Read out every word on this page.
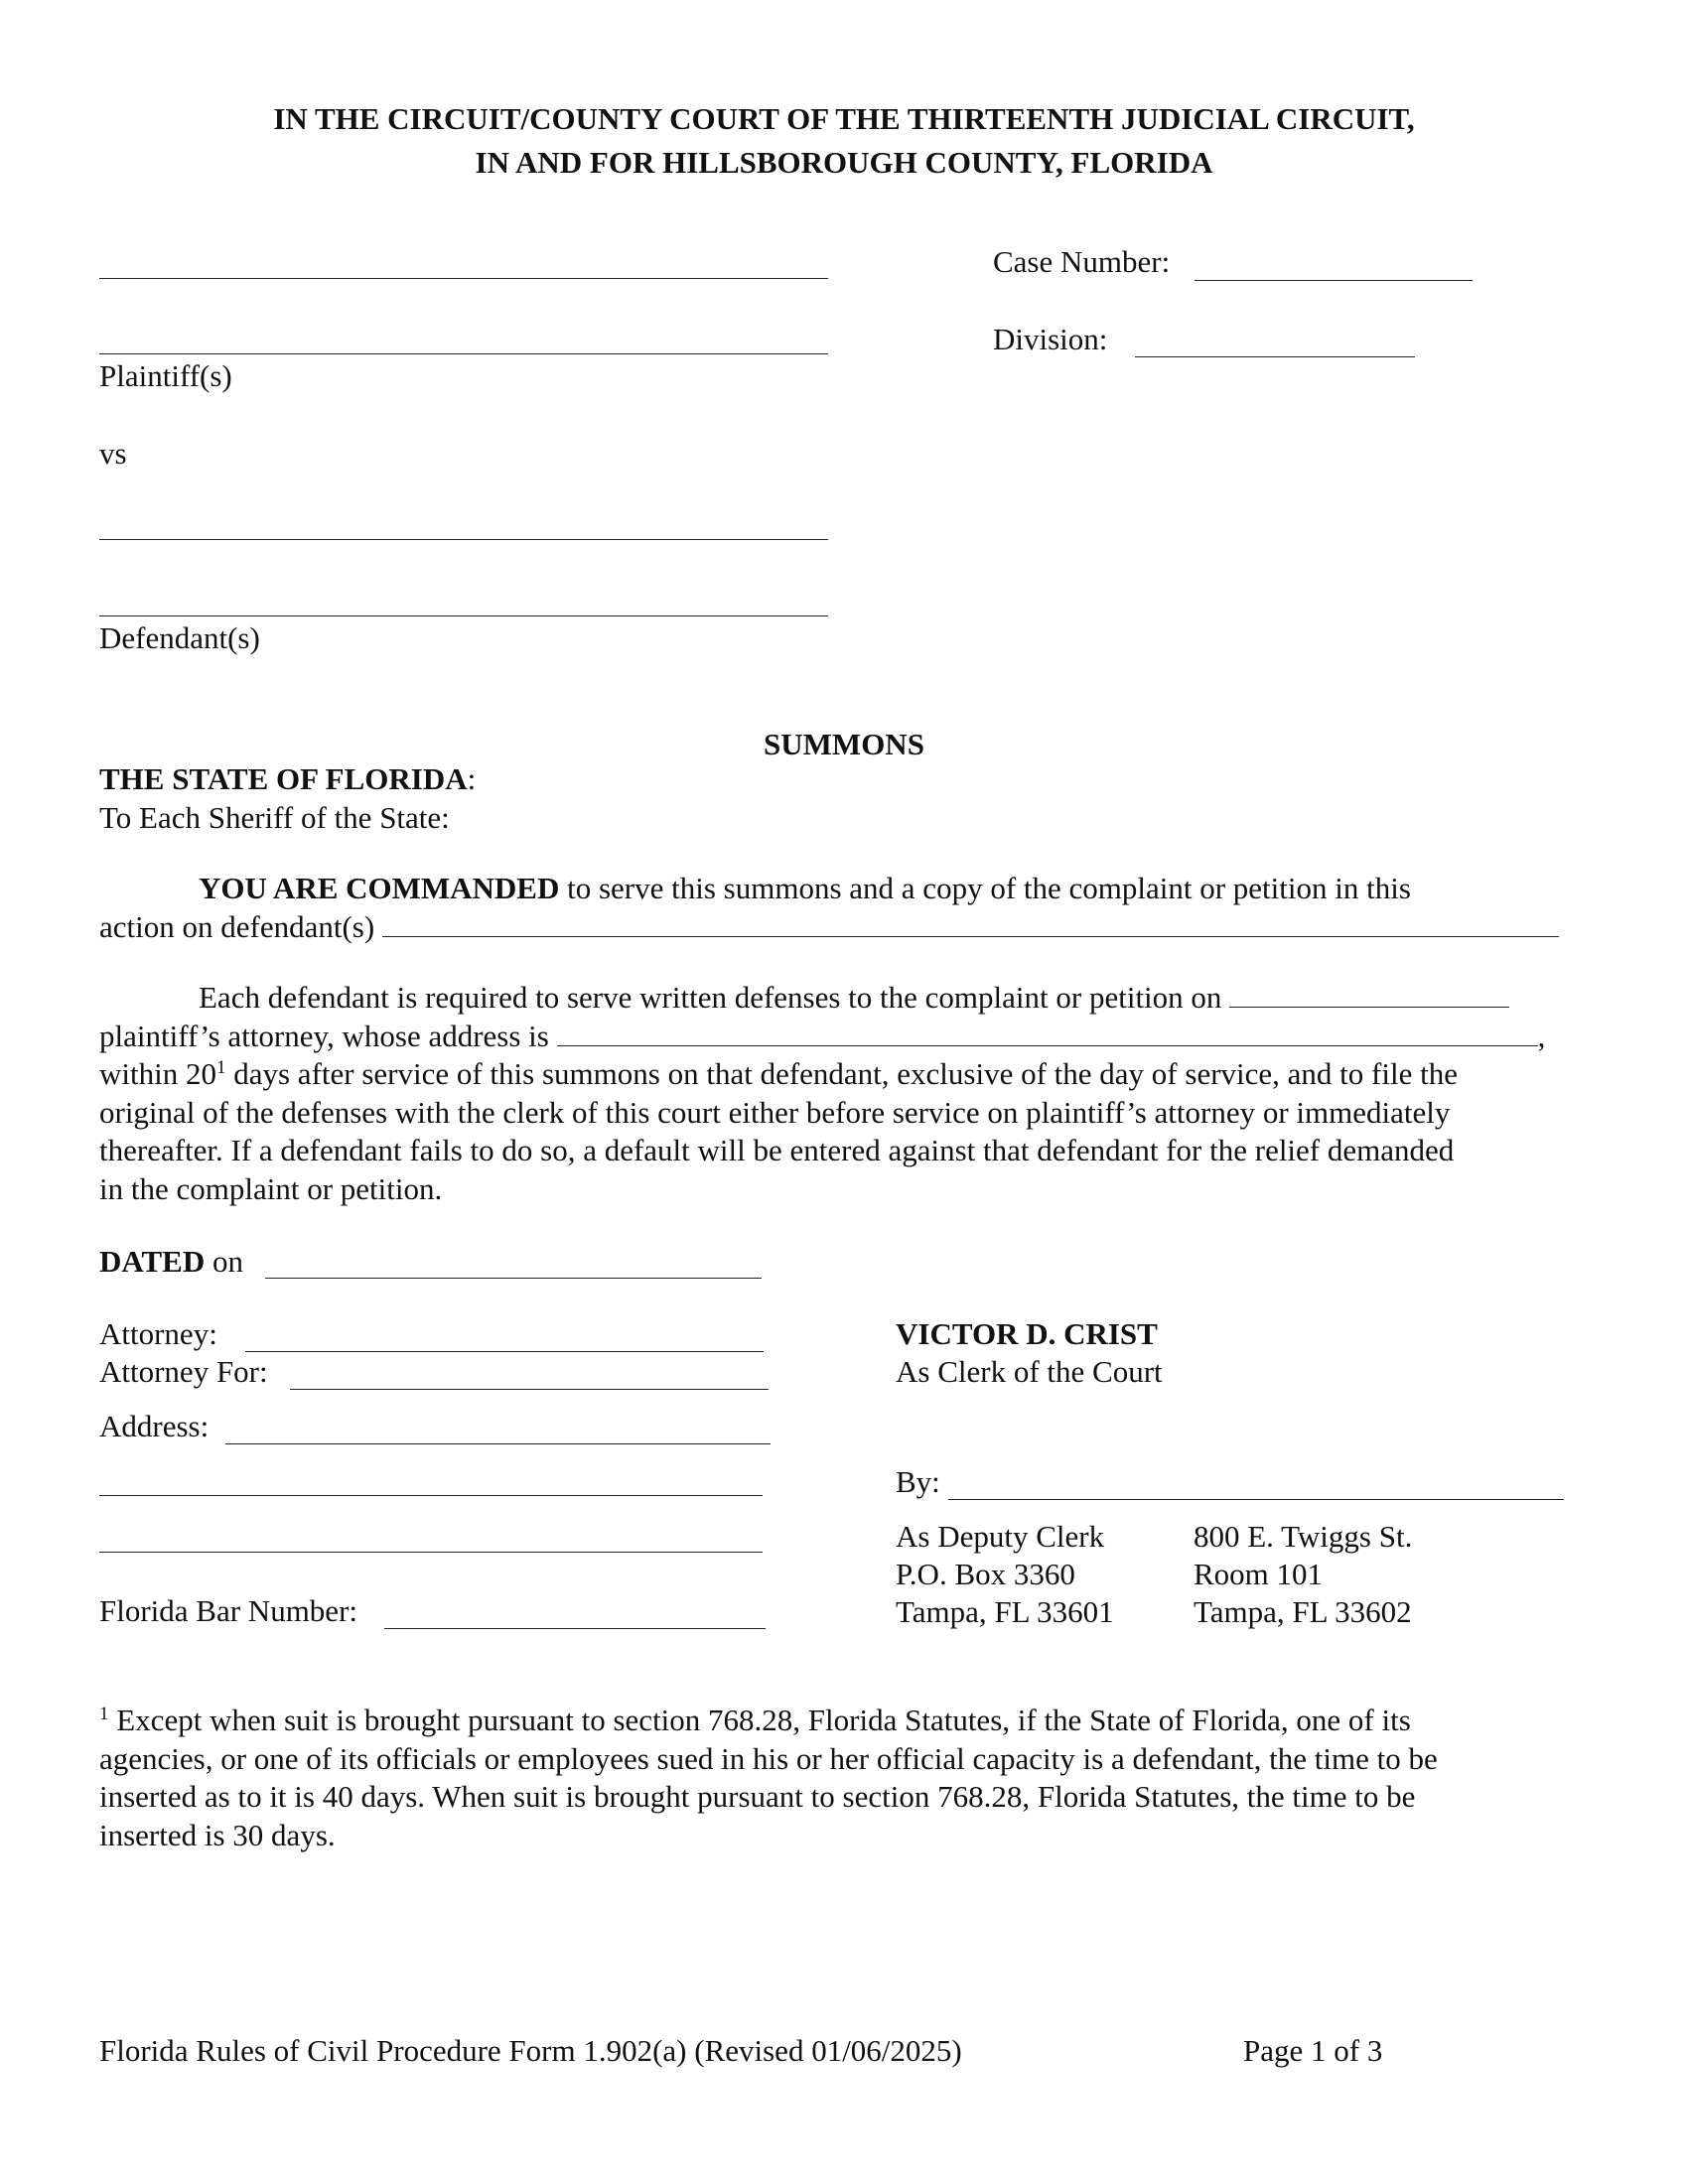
IN THE CIRCUIT/COUNTY COURT OF THE THIRTEENTH JUDICIAL CIRCUIT,
IN AND FOR HILLSBOROUGH COUNTY, FLORIDA
Plaintiff(s)
vs
Defendant(s)
Case Number:
Division:
SUMMONS
THE STATE OF FLORIDA:
To Each Sheriff of the State:

YOU ARE COMMANDED to serve this summons and a copy of the complaint or petition in this

action on defendant(s)

Each defendant is required to serve written defenses to the complaint or petition on

plaintiff’s attorney, whose address is	,

within $20^1$ days after service of this summons on that defendant, exclusive of the day of service, and to file the

original of the defenses with the clerk of this court either before service on plaintiff’s attorney or immediately

thereafter. If a defendant fails to do so, a default will be entered against that defendant for the relief demanded

in the complaint or petition.

DATED on
Attorney:
Attorney For:
Address:
Florida Bar Number:
VICTOR D. CRIST
As Clerk of the Court
By:
As Deputy Clerk
P.O. Box 3360
Tampa, FL 33601
800 E. Twiggs St.
Room 101
Tampa, FL 33602

$^1$ Except when suit is brought pursuant to section 768.28, Florida Statutes, if the State of Florida, one of its

agencies, or one of its officials or employees sued in his or her official capacity is a defendant, the time to be

inserted as to it is 40 days. When suit is brought pursuant to section 768.28, Florida Statutes, the time to be

inserted is 30 days.

Florida Rules of Civil Procedure Form 1.902(a) (Revised 01/06/2025)	Page 1 of 3
